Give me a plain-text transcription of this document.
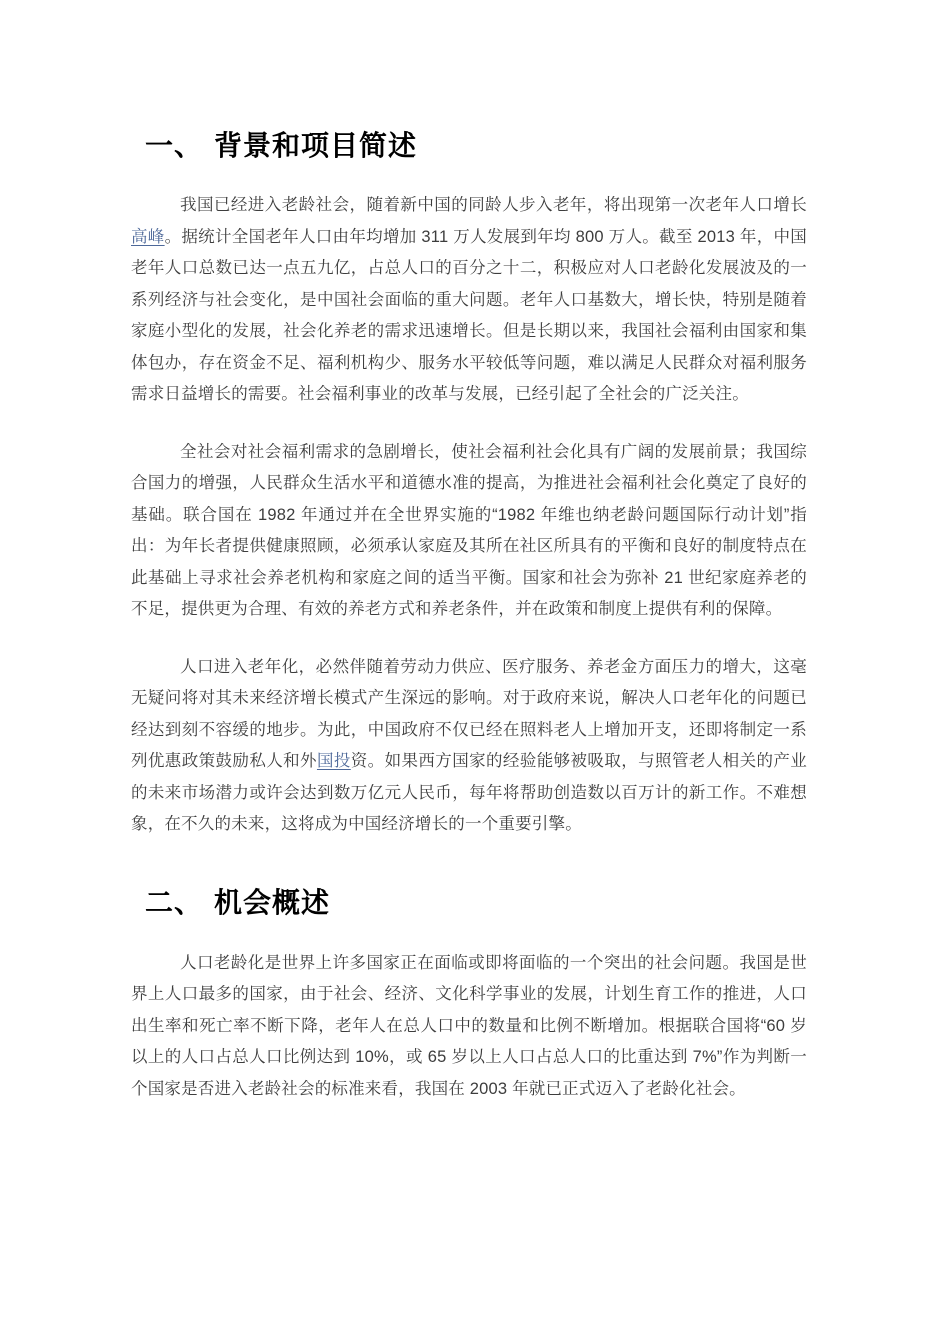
一、 背景和项目简述

我国已经进入老龄社会，随着新中国的同龄人步入老年，将出现第一次老年人口增长高峰。据统计全国老年人口由年均增加 311 万人发展到年均 800 万人。截至 2013 年，中国老年人口总数已达一点五九亿，占总人口的百分之十二，积极应对人口老龄化发展波及的一系列经济与社会变化，是中国社会面临的重大问题。老年人口基数大，增长快，特别是随着家庭小型化的发展，社会化养老的需求迅速增长。但是长期以来，我国社会福利由国家和集体包办，存在资金不足、福利机构少、服务水平较低等问题，难以满足人民群众对福利服务需求日益增长的需要。社会福利事业的改革与发展，已经引起了全社会的广泛关注。

全社会对社会福利需求的急剧增长，使社会福利社会化具有广阔的发展前景；我国综合国力的增强，人民群众生活水平和道德水准的提高，为推进社会福利社会化奠定了良好的基础。联合国在 1982 年通过并在全世界实施的“1982 年维也纳老龄问题国际行动计划”指出：为年长者提供健康照顾，必须承认家庭及其所在社区所具有的平衡和良好的制度特点在此基础上寻求社会养老机构和家庭之间的适当平衡。国家和社会为弥补 21 世纪家庭养老的不足，提供更为合理、有效的养老方式和养老条件，并在政策和制度上提供有利的保障。

人口进入老年化，必然伴随着劳动力供应、医疗服务、养老金方面压力的增大，这毫无疑问将对其未来经济增长模式产生深远的影响。对于政府来说，解决人口老年化的问题已经达到刻不容缓的地步。为此，中国政府不仅已经在照料老人上增加开支，还即将制定一系列优惠政策鼓励私人和外国投资。如果西方国家的经验能够被吸取，与照管老人相关的产业的未来市场潜力或许会达到数万亿元人民币，每年将帮助创造数以百万计的新工作。不难想象，在不久的未来，这将成为中国经济增长的一个重要引擎。

二、 机会概述

人口老龄化是世界上许多国家正在面临或即将面临的一个突出的社会问题。我国是世界上人口最多的国家，由于社会、经济、文化科学事业的发展，计划生育工作的推进，人口出生率和死亡率不断下降，老年人在总人口中的数量和比例不断增加。根据联合国将“60 岁以上的人口占总人口比例达到 10%，或 65 岁以上人口占总人口的比重达到 7%”作为判断一个国家是否进入老龄社会的标准来看，我国在 2003 年就已正式迈入了老龄化社会。
